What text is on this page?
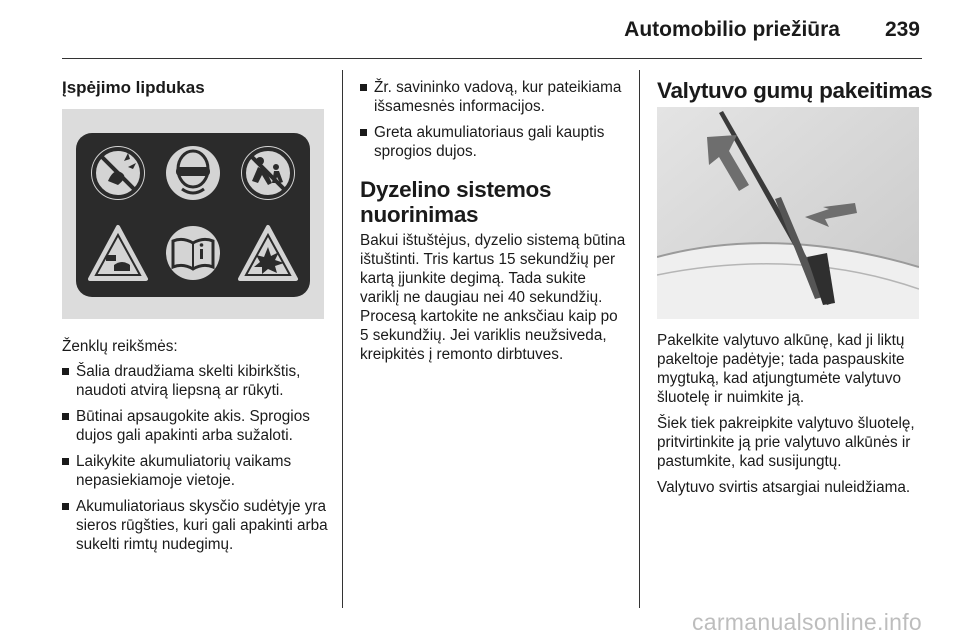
Automobilio priežiūra 239
Įspėjimo lipdukas

Ženklų reikšmės:

Šalia draudžiama skelti kibirkštis, naudoti atvirą liepsną ar rūkyti.
Būtinai apsaugokite akis. Sprogios dujos gali apakinti arba sužaloti.
Laikykite akumuliatorių vaikams nepasiekiamoje vietoje.
Akumuliatoriaus skysčio sudėtyje yra sieros rūgšties, kuri gali apakinti arba sukelti rimtų nudegimų.
Žr. savininko vadovą, kur pateikiama išsamesnės informacijos.
Greta akumuliatoriaus gali kauptis sprogios dujos.
Dyzelino sistemos nuorinimas

Bakui ištuštėjus, dyzelio sistemą būtina ištuštinti. Tris kartus 15 sekundžių per kartą įjunkite degimą. Tada sukite variklį ne daugiau nei 40 sekundžių. Procesą kartokite ne anksčiau kaip po 5 sekundžių. Jei variklis neužsiveda, kreipkitės į remonto dirbtuves.

Valytuvo gumų pakeitimas

Pakelkite valytuvo alkūnę, kad ji liktų pakeltoje padėtyje; tada paspauskite mygtuką, kad atjungtumėte valytuvo šluotelę ir nuimkite ją.

Šiek tiek pakreipkite valytuvo šluotelę, pritvirtinkite ją prie valytuvo alkūnės ir pastumkite, kad susijungtų.

Valytuvo svirtis atsargiai nuleidžiama.

carmanualsonline.info
